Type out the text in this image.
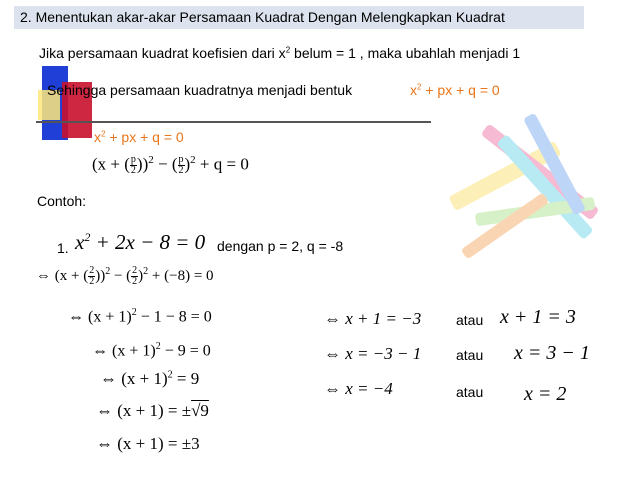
2. Menentukan akar-akar Persamaan Kuadrat Dengan Melengkapkan Kuadrat
Jika persamaan kuadrat koefisien dari $x^2$ belum = 1 , maka ubahlah menjadi 1
Sehingga persamaan kuadratnya menjadi bentuk	$x^2$ + px + q = 0
$x^2$ + px + q = 0
(x + ( $\frac{p}{2} ))^2$ − ( $\frac{p}{2} )^2 + q = 0$
Contoh:
1. $x^2 + 2x - 8 = 0$ dengan p = 2, q = -8
⇔ (x + ( $\frac{2}{2} ))^2$ − ( $\frac{2}{2} )^2 + (-8) = 0$
⇔ $(x + 1)^2 - 1 - 8 = 0$
⇔ $(x + 1)^2 - 9 = 0$
⇔ $(x + 1)^2 = 9$
⇔ (x + 1) = ±√9
⇔ (x + 1) = ±3
⇔ x + 1 = −3 atau x + 1 = 3
⇔ x = −3 − 1 atau x = 3 − 1
⇔ x = −4	atau x = 2
